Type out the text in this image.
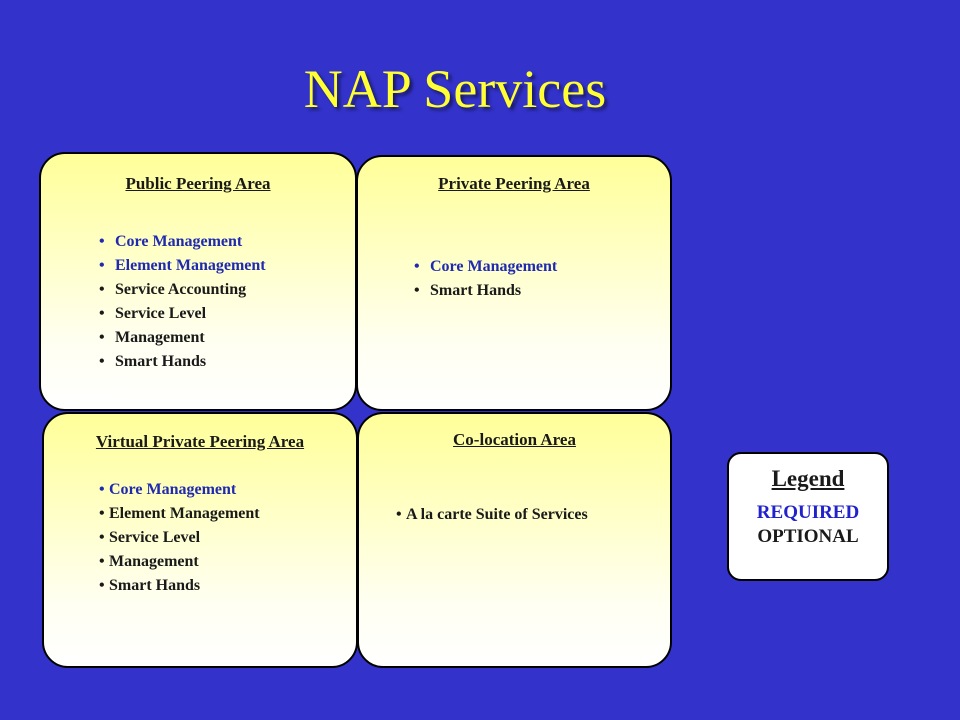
NAP Services
Public Peering Area
• Core Management
• Element Management
• Service Accounting
• Service Level
• Management
• Smart Hands
Private Peering Area
• Core Management
• Smart Hands
Virtual Private Peering Area
• Core Management
• Element Management
• Service Level
• Management
• Smart Hands
Co-location Area
• A la carte Suite of Services
Legend
REQUIRED
OPTIONAL
